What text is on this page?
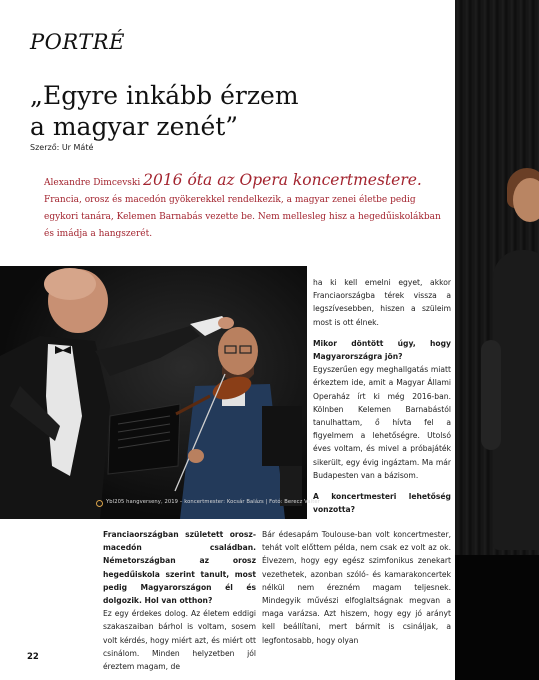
PORTRÉ
„Egyre inkább érzem
a magyar zenét”
Szerző: Ur Máté
Alexandre Dimcevski 2016 óta az Opera koncertmestere. Francia, orosz és macedón gyökerekkel rendelkezik, a magyar zenei életbe pedig egykori tanára, Kelemen Barnabás vezette be. Nem mellesleg hisz a hegedűiskolákban és imádja a hangszerét.
Ybl205 hangverseny, 2019 – koncertmester: Kocsár Balázs | Fotó: Berecz Valter
ha ki kell emelni egyet, akkor Franciaországba térek vissza a legszívesebben, hiszen a szüleim most is ott élnek.
Mikor döntött úgy, hogy Magyarországra jön?
Egyszerűen egy meghallgatás miatt érkeztem ide, amit a Magyar Állami Operaház írt ki még 2016-ban. Kölnben Kelemen Barnabástól tanulhattam, ő hívta fel a figyelmem a lehetőségre. Utolsó éves voltam, és mivel a próbajáték sikerült, egy évig ingáztam. Ma már Budapesten van a bázisom.
A koncertmesteri lehetőség vonzotta?
Franciaországban született orosz-macedón családban. Németországban az orosz hegedűiskola szerint tanult, most pedig Magyarországon él és dolgozik. Hol van otthon?
Ez egy érdekes dolog. Az életem eddigi szakaszaiban bárhol is voltam, sosem volt kérdés, hogy miért azt, és miért ott csinálom. Minden helyzetben jól éreztem magam, de
Bár édesapám Toulouse-ban volt koncertmester, tehát volt előttem példa, nem csak ez volt az ok. Élvezem, hogy egy egész szimfonikus zenekart vezethetek, azonban szóló- és kamarakoncertek nélkül nem érezném magam teljesnek. Mindegyik művészi elfoglaltságnak megvan a maga varázsa. Azt hiszem, hogy egy jó arányt kell beállítani, mert bármit is csináljak, a legfontosabb, hogy olyan
22
